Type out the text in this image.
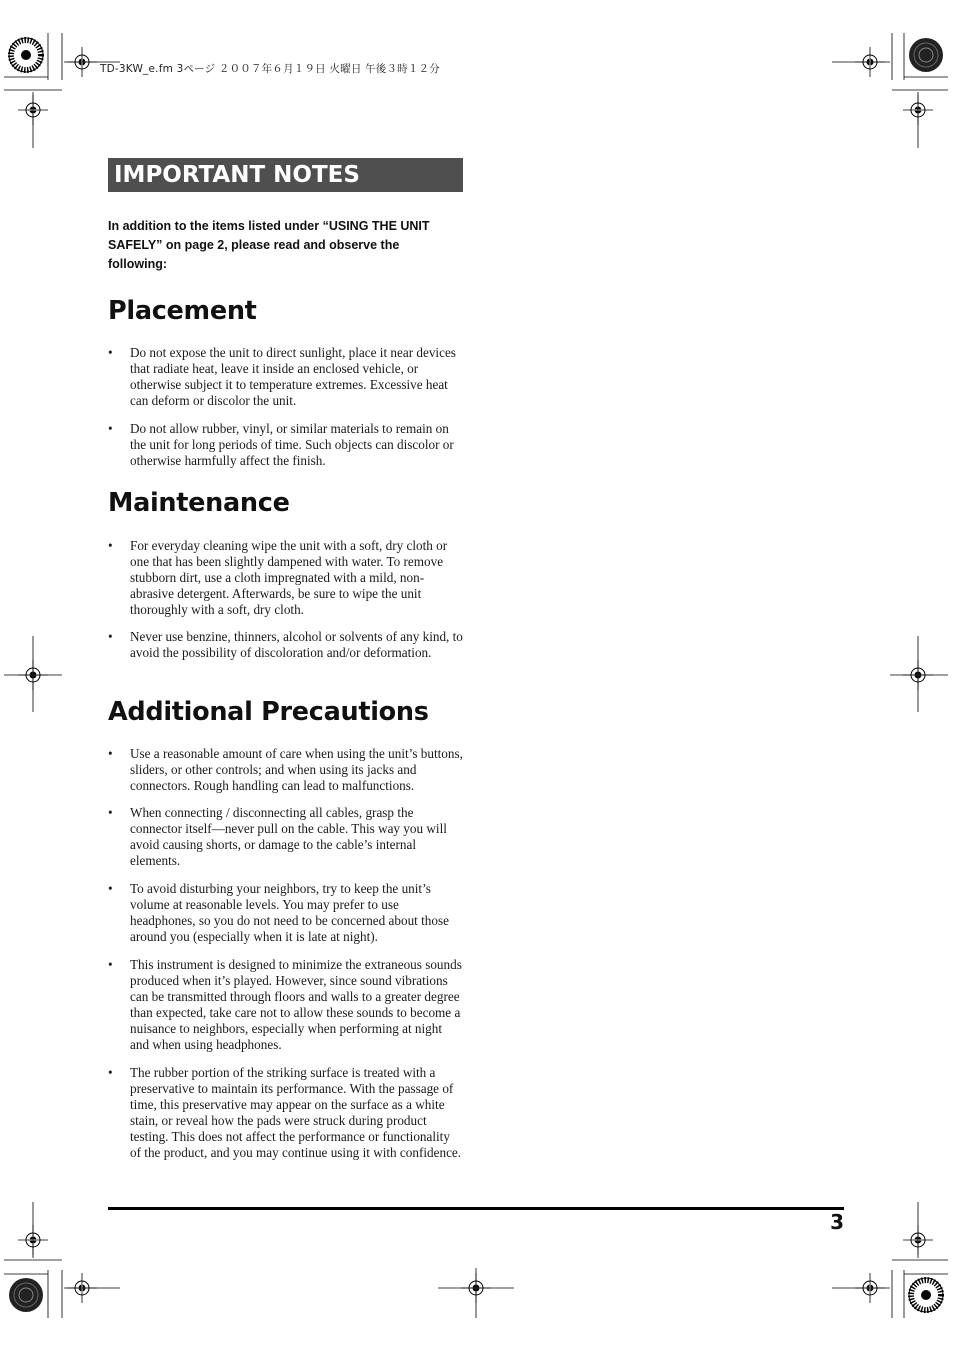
TD-3KW_e.fm 3ページ ２００７年６月１９日 火曜日 午後３時１２分
IMPORTANT NOTES
In addition to the items listed under “USING THE UNIT SAFELY” on page 2, please read and observe the following:
Placement
• Do not expose the unit to direct sunlight, place it near devices that radiate heat, leave it inside an enclosed vehicle, or otherwise subject it to temperature extremes. Excessive heat can deform or discolor the unit.
• Do not allow rubber, vinyl, or similar materials to remain on the unit for long periods of time. Such objects can discolor or otherwise harmfully affect the finish.
Maintenance
• For everyday cleaning wipe the unit with a soft, dry cloth or one that has been slightly dampened with water. To remove stubborn dirt, use a cloth impregnated with a mild, non-abrasive detergent. Afterwards, be sure to wipe the unit thoroughly with a soft, dry cloth.
• Never use benzine, thinners, alcohol or solvents of any kind, to avoid the possibility of discoloration and/or deformation.
Additional Precautions
• Use a reasonable amount of care when using the unit’s buttons, sliders, or other controls; and when using its jacks and connectors. Rough handling can lead to malfunctions.
• When connecting / disconnecting all cables, grasp the connector itself—never pull on the cable. This way you will avoid causing shorts, or damage to the cable’s internal elements.
• To avoid disturbing your neighbors, try to keep the unit’s volume at reasonable levels. You may prefer to use headphones, so you do not need to be concerned about those around you (especially when it is late at night).
• This instrument is designed to minimize the extraneous sounds produced when it’s played. However, since sound vibrations can be transmitted through floors and walls to a greater degree than expected, take care not to allow these sounds to become a nuisance to neighbors, especially when performing at night and when using headphones.
• The rubber portion of the striking surface is treated with a preservative to maintain its performance. With the passage of time, this preservative may appear on the surface as a white stain, or reveal how the pads were struck during product testing. This does not affect the performance or functionality of the product, and you may continue using it with confidence.
3
